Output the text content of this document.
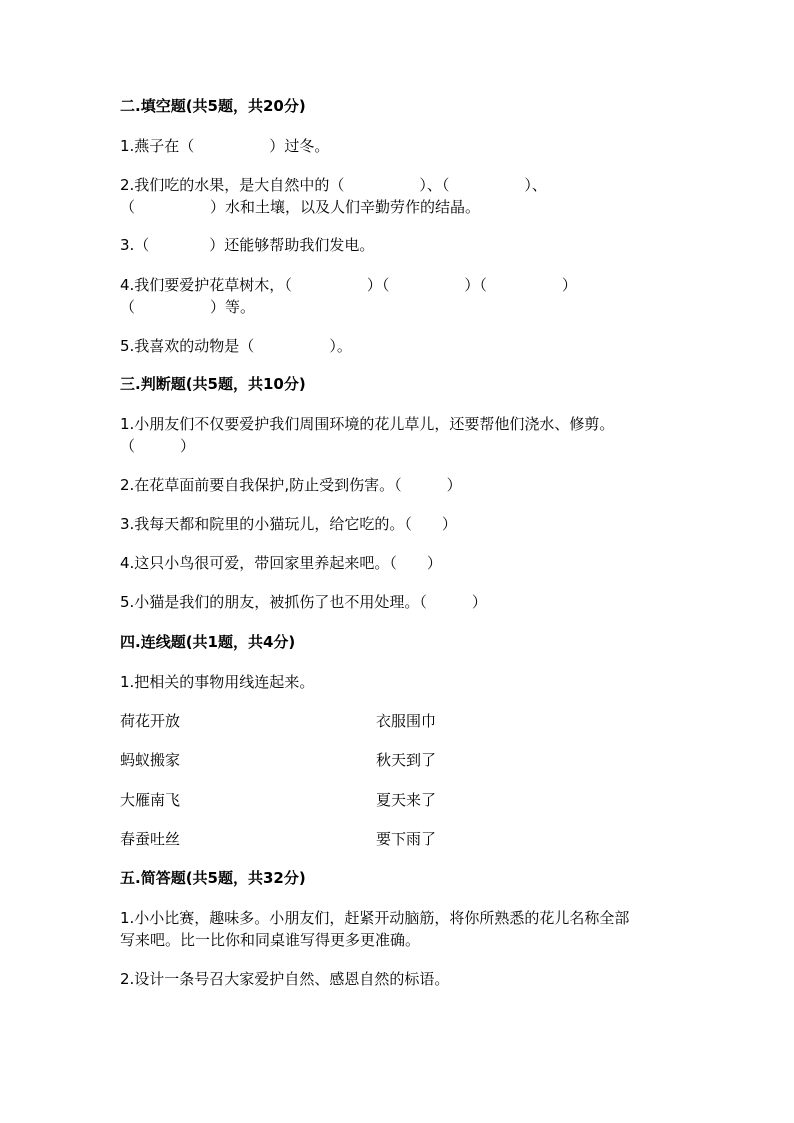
二.填空题(共5题，共20分)
1.燕子在（　　　　　）过冬。
2.我们吃的水果，是大自然中的（　　　　　）、（　　　　　）、
（　　　　　）水和土壤，以及人们辛勤劳作的结晶。
3.（　　　　）还能够帮助我们发电。
4.我们要爱护花草树木，（　　　　　）（　　　　　）（　　　　　）
（　　　　　）等。
5.我喜欢的动物是（　　　　　）。
三.判断题(共5题，共10分)
1.小朋友们不仅要爱护我们周围环境的花儿草儿，还要帮他们浇水、修剪。
（　　　）
2.在花草面前要自我保护,防止受到伤害。（　　　）
3.我每天都和院里的小猫玩儿，给它吃的。（　　）
4.这只小鸟很可爱，带回家里养起来吧。（　　）
5.小猫是我们的朋友，被抓伤了也不用处理。（　　　）
四.连线题(共1题，共4分)
1.把相关的事物用线连起来。
荷花开放	衣服围巾
蚂蚁搬家	秋天到了
大雁南飞	夏天来了
春蚕吐丝	要下雨了
五.简答题(共5题，共32分)
1.小小比赛，趣味多。小朋友们，赶紧开动脑筋，将你所熟悉的花儿名称全部
写来吧。比一比你和同桌谁写得更多更准确。
2.设计一条号召大家爱护自然、感恩自然的标语。
